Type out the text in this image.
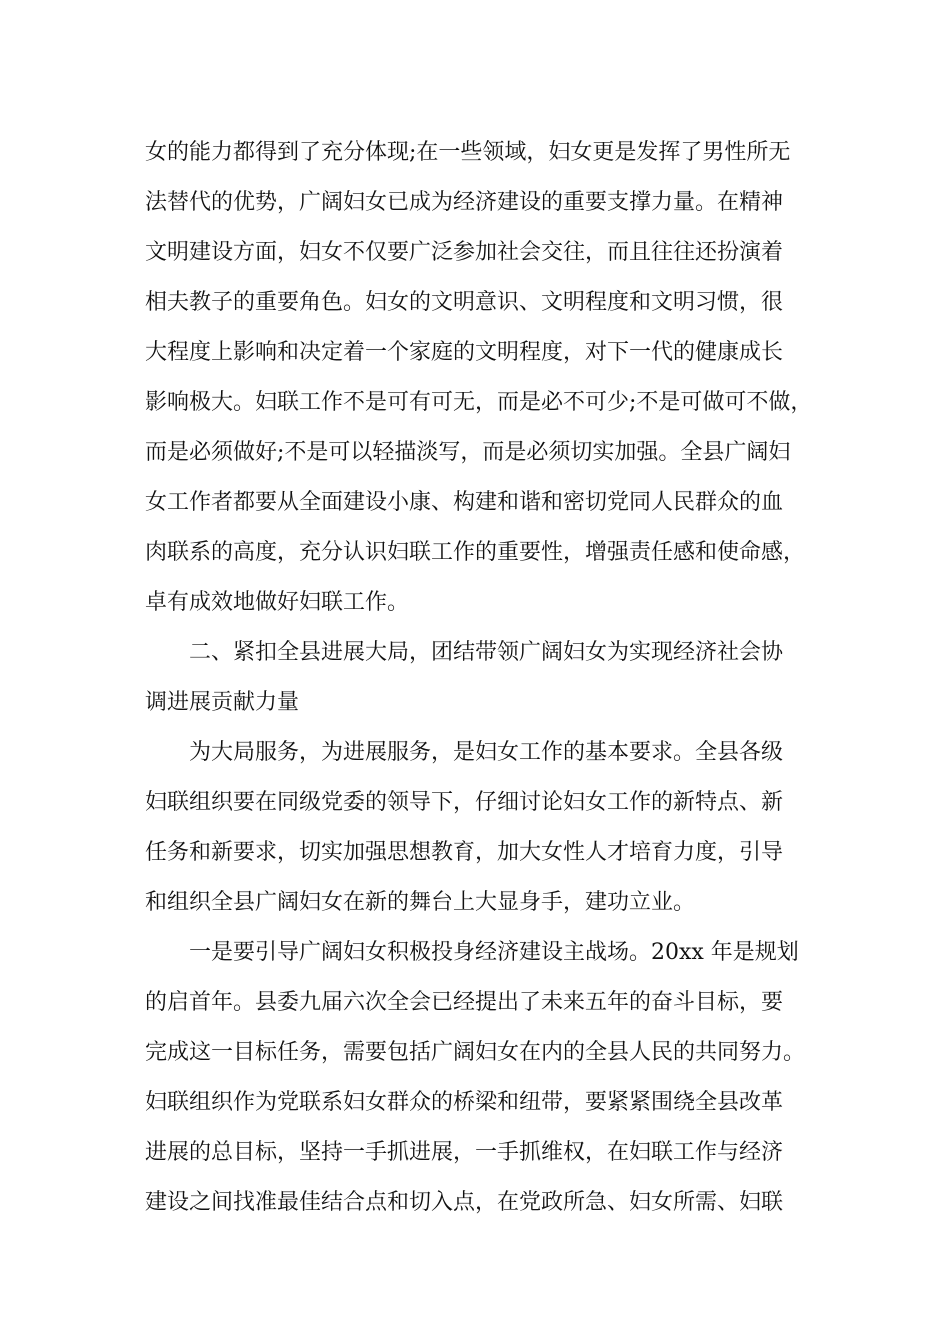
女的能力都得到了充分体现;在一些领域，妇女更是发挥了男性所无
法替代的优势，广阔妇女已成为经济建设的重要支撑力量。在精神
文明建设方面，妇女不仅要广泛参加社会交往，而且往往还扮演着
相夫教子的重要角色。妇女的文明意识、文明程度和文明习惯，很
大程度上影响和决定着一个家庭的文明程度，对下一代的健康成长
影响极大。妇联工作不是可有可无，而是必不可少;不是可做可不做，
而是必须做好;不是可以轻描淡写，而是必须切实加强。全县广阔妇
女工作者都要从全面建设小康、构建和谐和密切党同人民群众的血
肉联系的高度，充分认识妇联工作的重要性，增强责任感和使命感，
卓有成效地做好妇联工作。
二、紧扣全县进展大局，团结带领广阔妇女为实现经济社会协
调进展贡献力量
为大局服务，为进展服务，是妇女工作的基本要求。全县各级
妇联组织要在同级党委的领导下，仔细讨论妇女工作的新特点、新
任务和新要求，切实加强思想教育，加大女性人才培育力度，引导
和组织全县广阔妇女在新的舞台上大显身手，建功立业。
一是要引导广阔妇女积极投身经济建设主战场。20xx 年是规划
的启首年。县委九届六次全会已经提出了未来五年的奋斗目标，要
完成这一目标任务，需要包括广阔妇女在内的全县人民的共同努力。
妇联组织作为党联系妇女群众的桥梁和纽带，要紧紧围绕全县改革
进展的总目标，坚持一手抓进展，一手抓维权，在妇联工作与经济
建设之间找准最佳结合点和切入点，在党政所急、妇女所需、妇联
